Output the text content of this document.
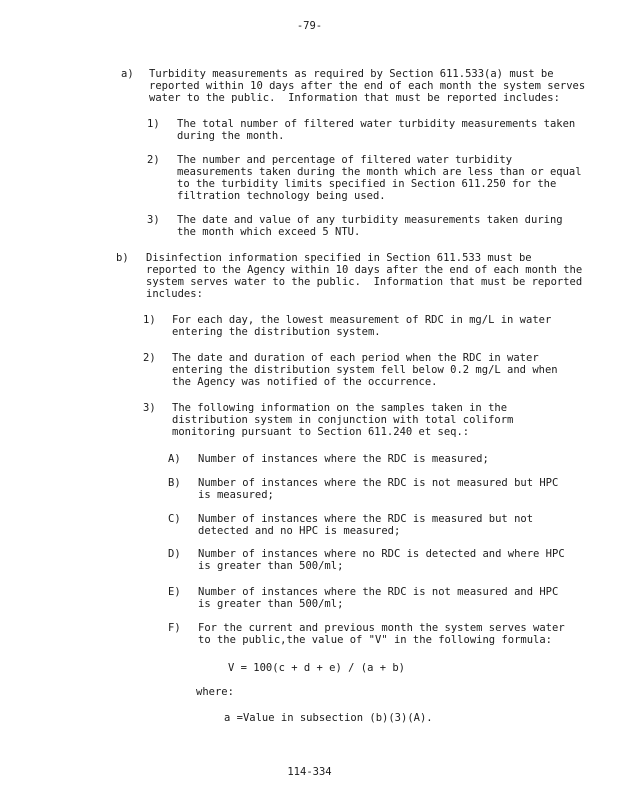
-79-
a) Turbidity measurements as required by Section 611.533(a) must be
reported within 10 days after the end of each month the system serves
water to the public.  Information that must be reported includes:
1) The total number of filtered water turbidity measurements taken
during the month.
2) The number and percentage of filtered water turbidity
measurements taken during the month which are less than or equal
to the turbidity limits specified in Section 611.250 for the
filtration technology being used.
3) The date and value of any turbidity measurements taken during
the month which exceed 5 NTU.
b) Disinfection information specified in Section 611.533 must be
reported to the Agency within 10 days after the end of each month the
system serves water to the public.  Information that must be reported
includes:
1) For each day, the lowest measurement of RDC in mg/L in water
entering the distribution system.
2) The date and duration of each period when the RDC in water
entering the distribution system fell below 0.2 mg/L and when
the Agency was notified of the occurrence.
3) The following information on the samples taken in the
distribution system in conjunction with total coliform
monitoring pursuant to Section 611.240 et seq.:
A) Number of instances where the RDC is measured;
B) Number of instances where the RDC is not measured but HPC
is measured;
C) Number of instances where the RDC is measured but not
detected and no HPC is measured;
D) Number of instances where no RDC is detected and where HPC
is greater than 500/ml;
E) Number of instances where the RDC is not measured and HPC
is greater than 500/ml;
F) For the current and previous month the system serves water
to the public,the value of "V" in the following formula:
V = 100(c + d + e) / (a + b)
where:
a =Value in subsection (b)(3)(A).
114-334
